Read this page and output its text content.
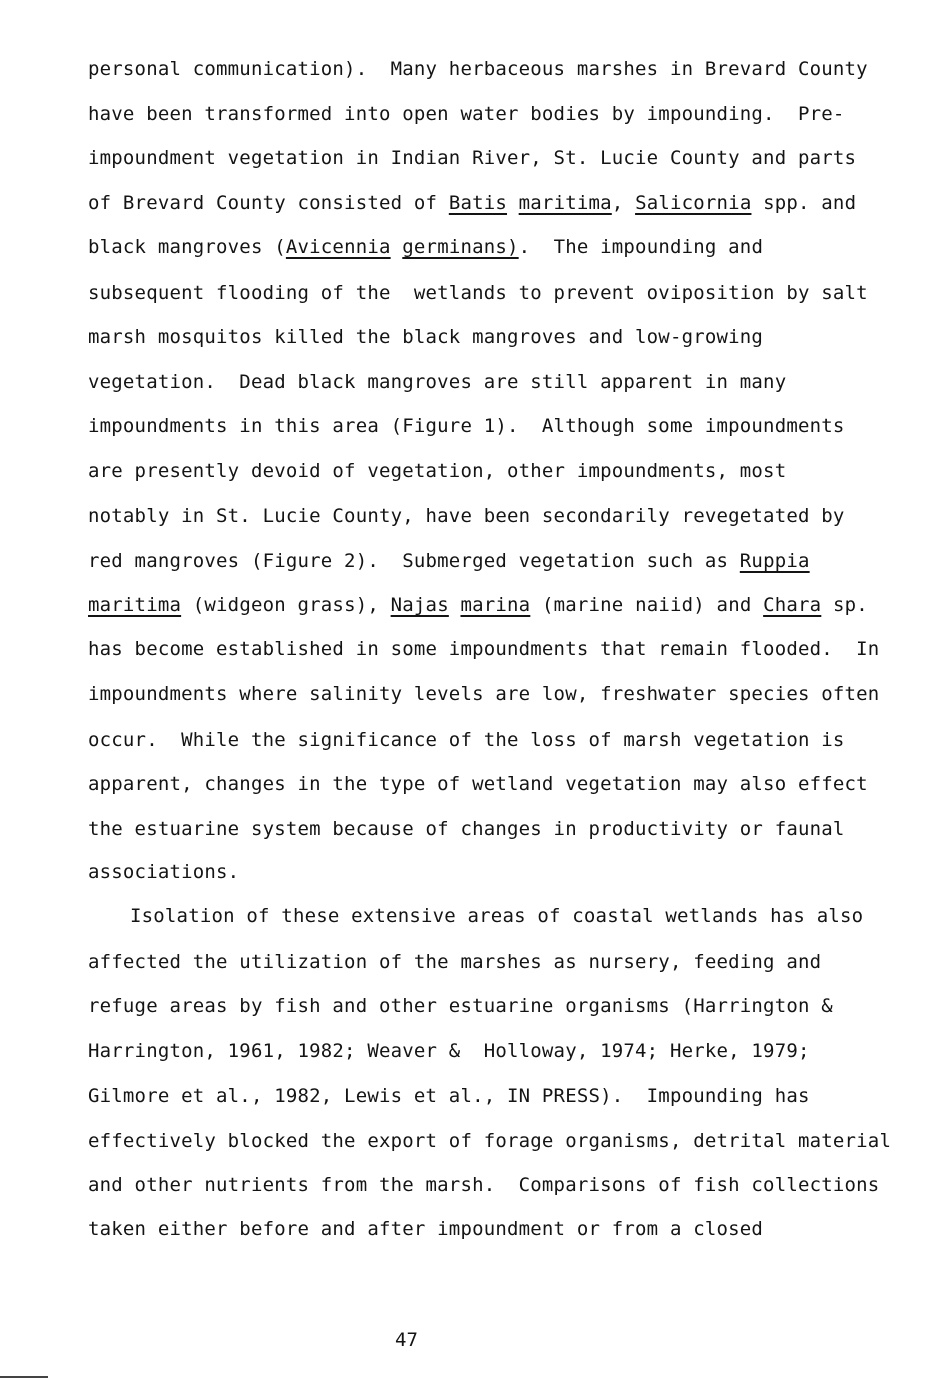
personal communication).  Many herbaceous marshes in Brevard County
have been transformed into open water bodies by impounding.  Pre-
impoundment vegetation in Indian River, St. Lucie County and parts
of Brevard County consisted of Batis maritima, Salicornia spp. and
black mangroves (Avicennia germinans).  The impounding and
subsequent flooding of the  wetlands to prevent oviposition by salt
marsh mosquitos killed the black mangroves and low-growing
vegetation.  Dead black mangroves are still apparent in many
impoundments in this area (Figure 1).  Although some impoundments
are presently devoid of vegetation, other impoundments, most
notably in St. Lucie County, have been secondarily revegetated by
red mangroves (Figure 2).  Submerged vegetation such as Ruppia
maritima (widgeon grass), Najas marina (marine naiid) and Chara sp.
has become established in some impoundments that remain flooded.  In
impoundments where salinity levels are low, freshwater species often
occur.  While the significance of the loss of marsh vegetation is
apparent, changes in the type of wetland vegetation may also effect
the estuarine system because of changes in productivity or faunal
associations.
Isolation of these extensive areas of coastal wetlands has also
affected the utilization of the marshes as nursery, feeding and
refuge areas by fish and other estuarine organisms (Harrington &
Harrington, 1961, 1982; Weaver &  Holloway, 1974; Herke, 1979;
Gilmore et al., 1982, Lewis et al., IN PRESS).  Impounding has
effectively blocked the export of forage organisms, detrital material
and other nutrients from the marsh.  Comparisons of fish collections
taken either before and after impoundment or from a closed
47
